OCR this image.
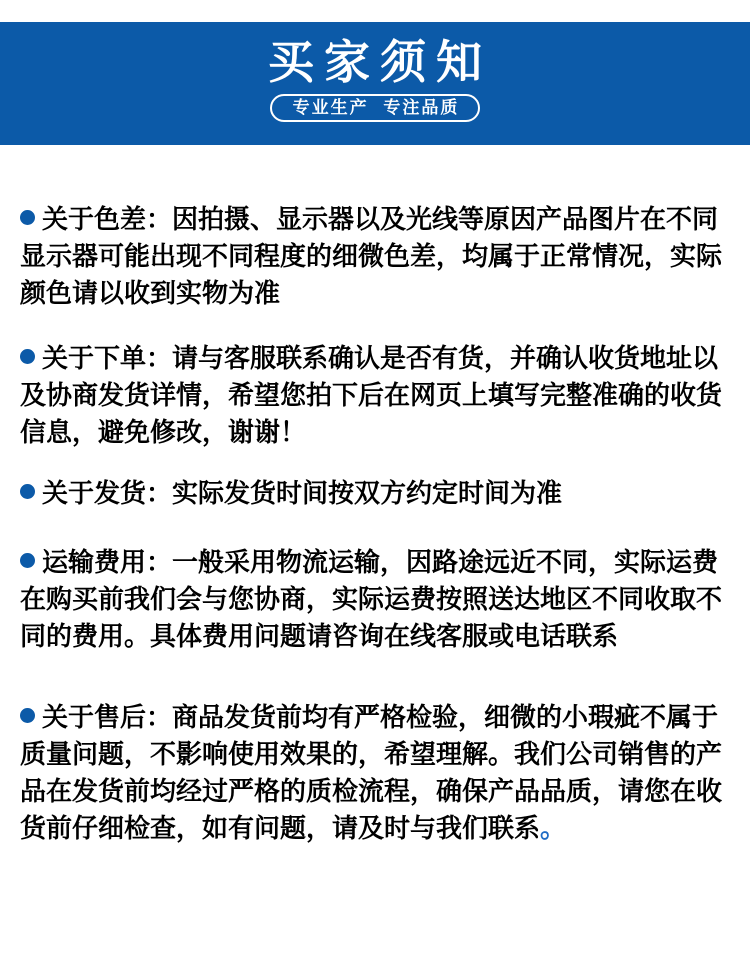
买家须知
专业生产 专注品质

关于色差：因拍摄、显示器以及光线等原因产品图片在不同显示器可能出现不同程度的细微色差，均属于正常情况，实际颜色请以收到实物为准

关于下单：请与客服联系确认是否有货，并确认收货地址以及协商发货详情，希望您拍下后在网页上填写完整准确的收货信息，避免修改，谢谢！

关于发货：实际发货时间按双方约定时间为准

运输费用：一般采用物流运输，因路途远近不同，实际运费在购买前我们会与您协商，实际运费按照送达地区不同收取不同的费用。具体费用问题请咨询在线客服或电话联系

关于售后：商品发货前均有严格检验，细微的小瑕疵不属于质量问题，不影响使用效果的，希望理解。我们公司销售的产品在发货前均经过严格的质检流程，确保产品品质，请您在收货前仔细检查，如有问题，请及时与我们联系。
